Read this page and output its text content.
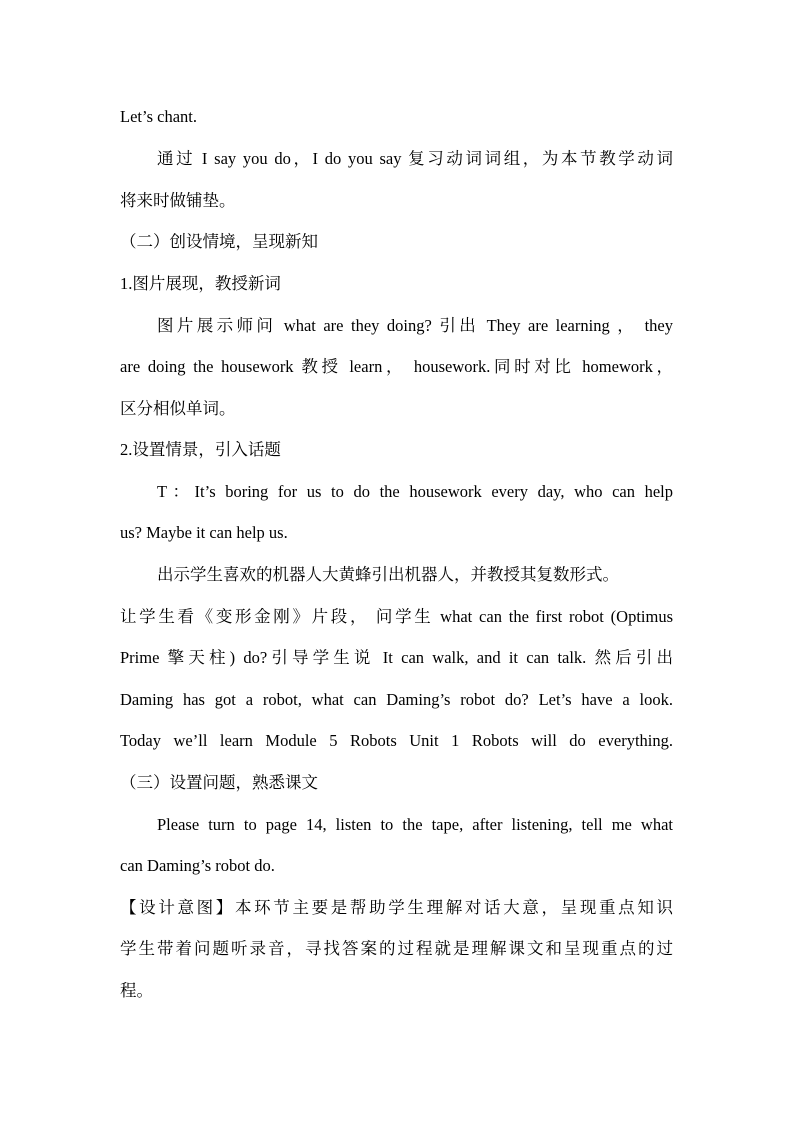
Let’s chant.
通过 I say you do，I do you say 复习动词词组，为本节教学动词
将来时做铺垫。
（二）创设情境，呈现新知
1.图片展现，教授新词
图片展示师问 what are they doing? 引出 They are learning ， they
are doing the housework 教授 learn， housework.同时对比 homework，
区分相似单词。
2.设置情景，引入话题
T：It’s boring for us to do the housework every day, who can help
us? Maybe it can help us.
出示学生喜欢的机器人大黄蜂引出机器人，并教授其复数形式。
让学生看《变形金刚》片段， 问学生 what can the first robot (Optimus
Prime 擎天柱) do?引导学生说 It can walk, and it can talk. 然后引出
Daming has got a robot, what can Daming’s robot do? Let’s have a look.
Today we’ll learn Module 5 Robots Unit 1 Robots will do everything.
（三）设置问题，熟悉课文
Please turn to page 14, listen to the tape, after listening, tell me what
can Daming’s robot do.
【设计意图】本环节主要是帮助学生理解对话大意，呈现重点知识
学生带着问题听录音，寻找答案的过程就是理解课文和呈现重点的过
程。
